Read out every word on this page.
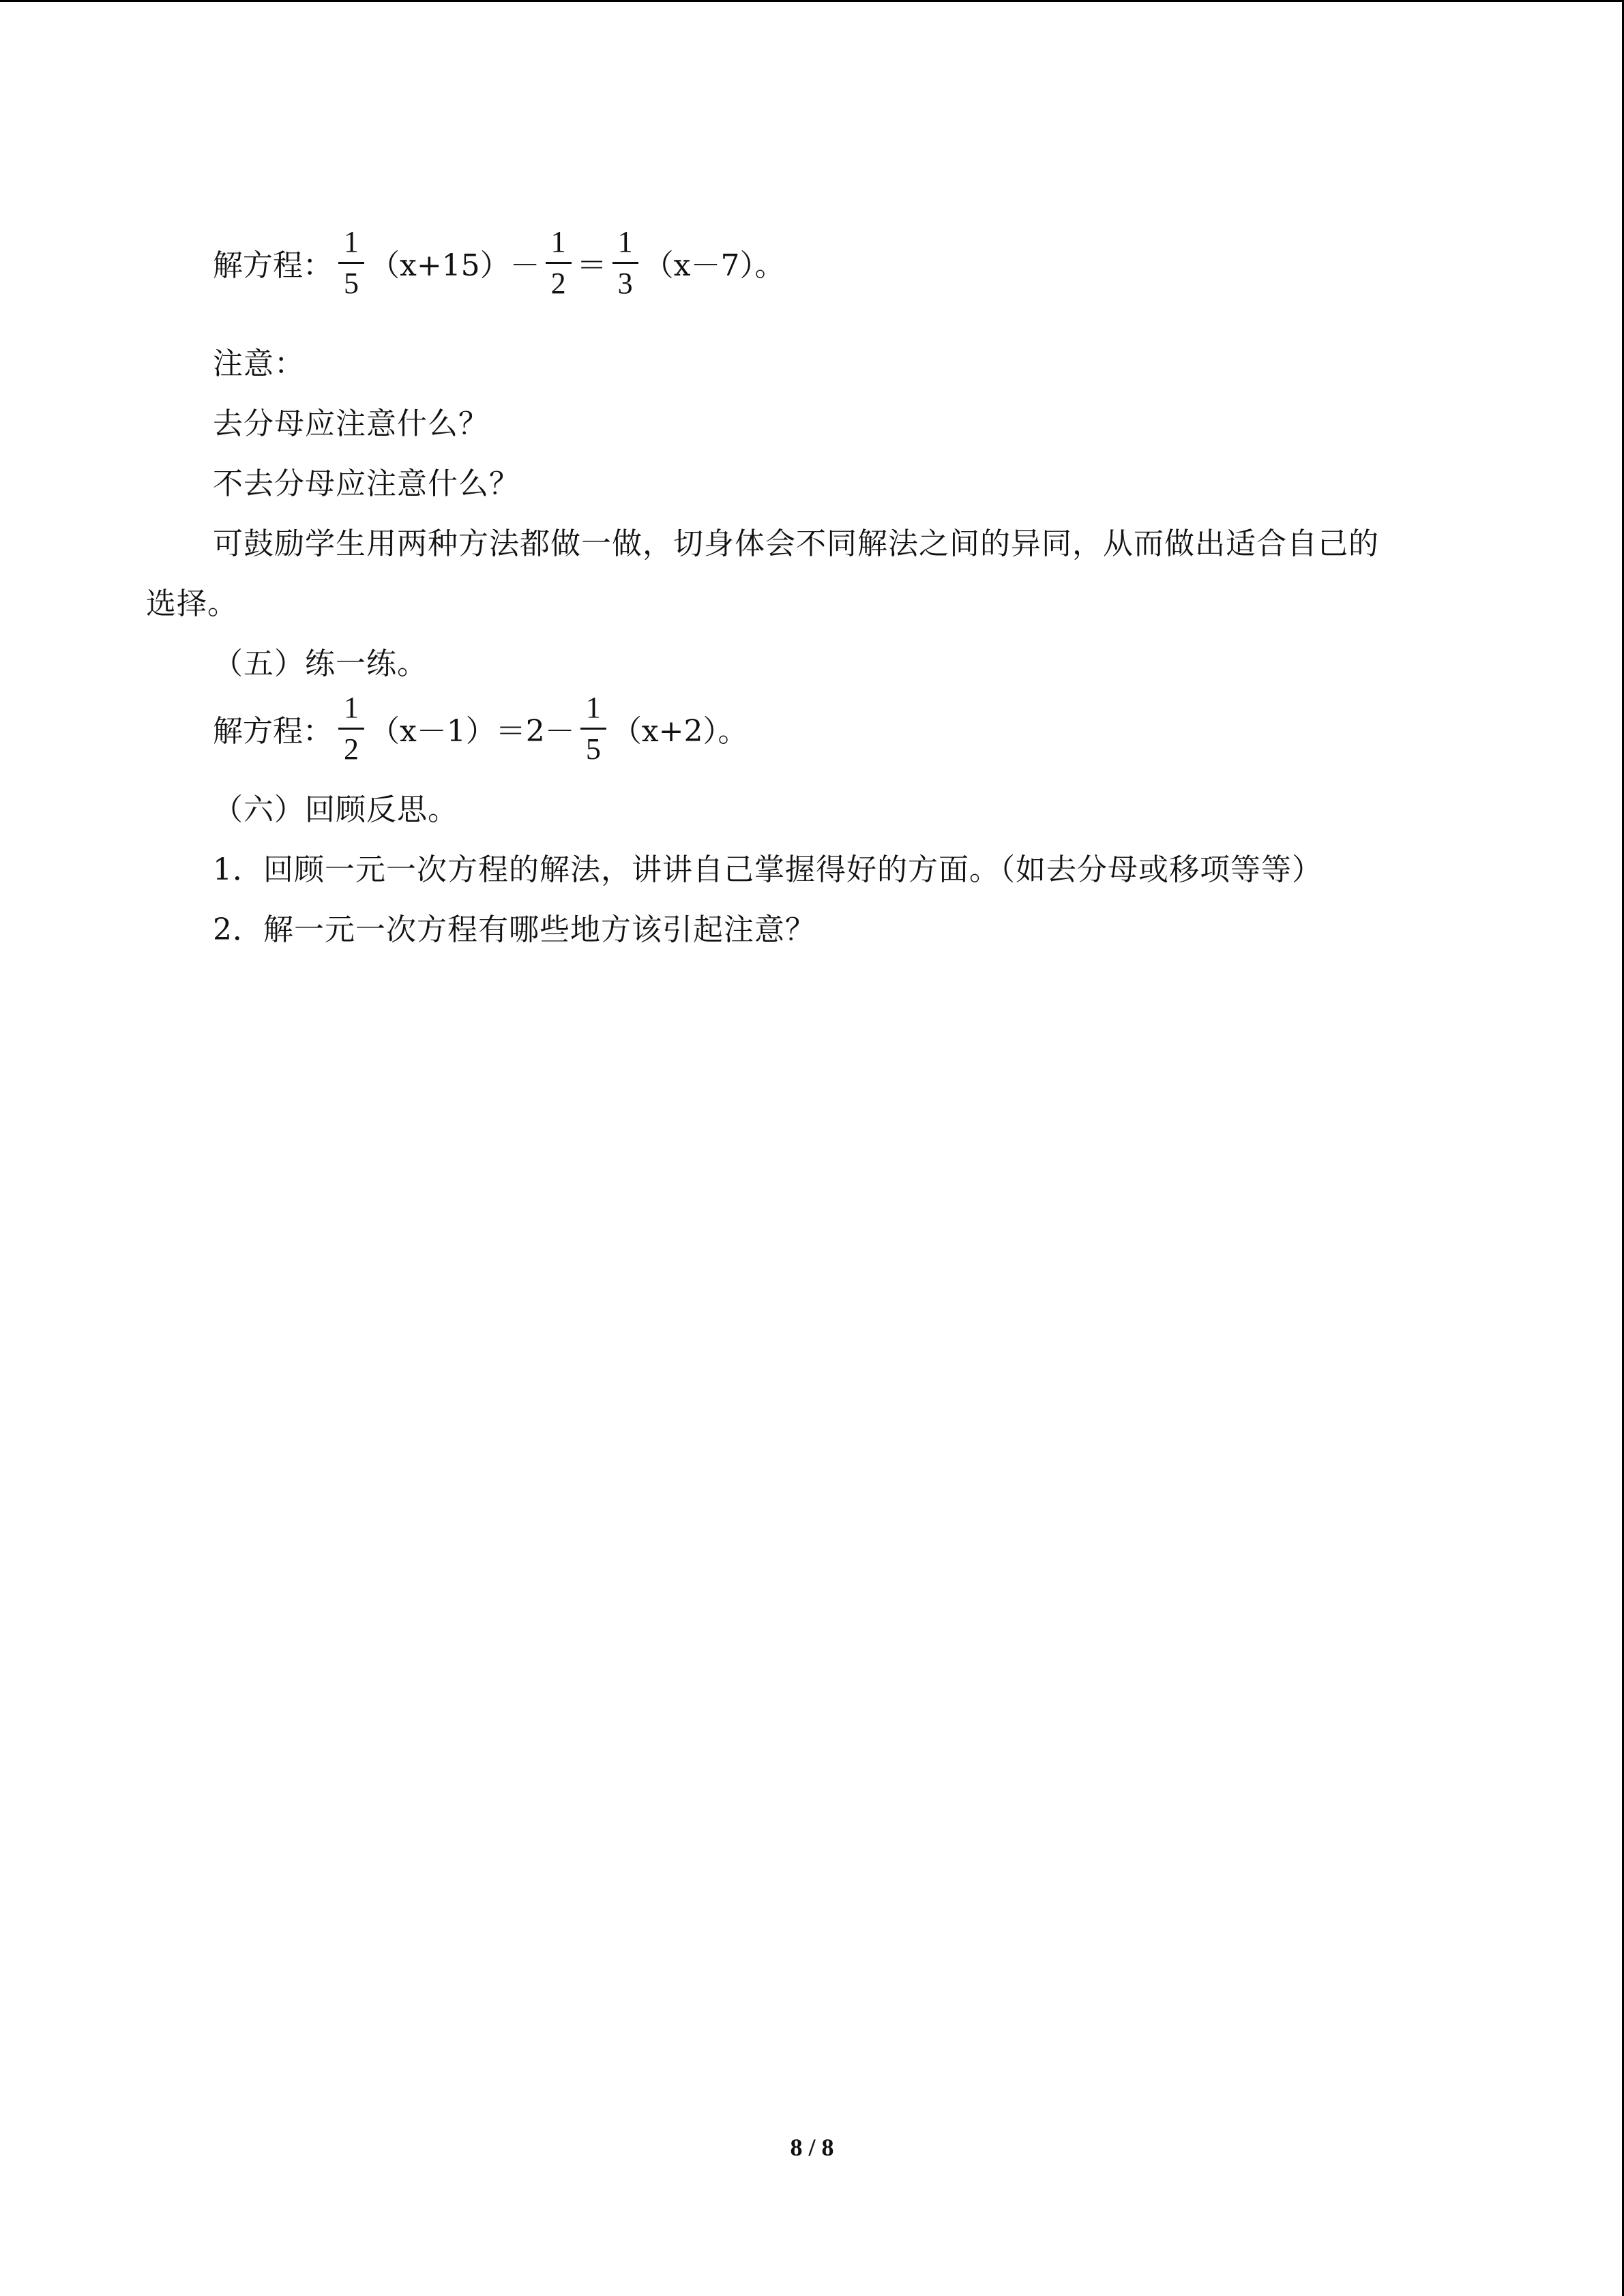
解方程： $\frac{1}{5} (x+15)- \frac{1}{2} = \frac{1}{3} (x-7)$。
注意：
去分母应注意什么？
不去分母应注意什么？
可鼓励学生用两种方法都做一做，切身体会不同解法之间的异同，从而做出适合自己的
选择。
（五）练一练。
解方程： $\frac{1}{2} (x-1)=2- \frac{1}{5} (x+2)$。
（六）回顾反思。
1．回顾一元一次方程的解法，讲讲自己掌握得好的方面。（如去分母或移项等等）
2．解一元一次方程有哪些地方该引起注意？
8 / 8
